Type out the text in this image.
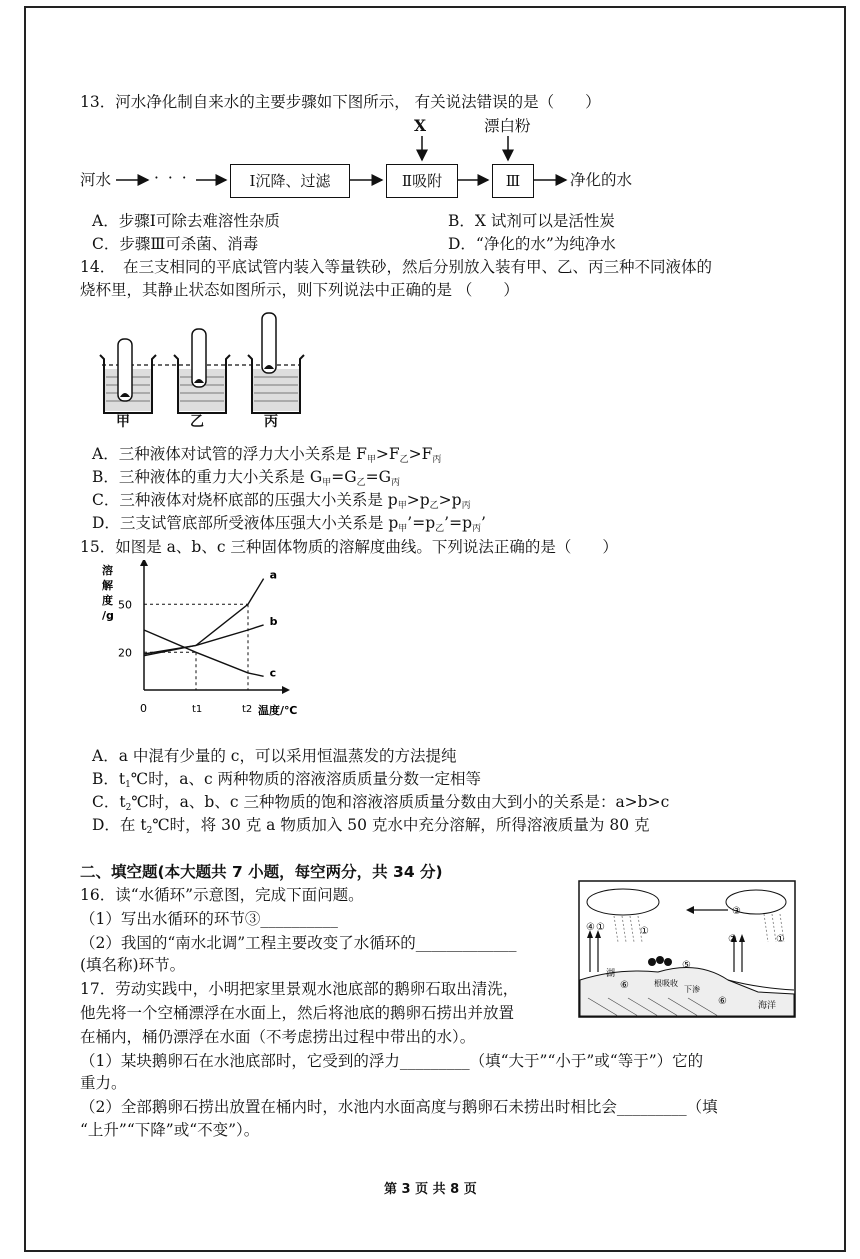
13．河水净化制自来水的主要步骤如下图所示， 有关说法错误的是（　　）
X	漂白粉
河水	· · ·	Ⅰ沉降、过滤	Ⅱ吸附	Ⅲ	净化的水
A．步骤Ⅰ可除去难溶性杂质	B．X 试剂可以是活性炭
C．步骤Ⅲ可杀菌、消毒	D．“净化的水”为纯净水
14．　在三支相同的平底试管内装入等量铁砂，然后分别放入装有甲、乙、丙三种不同液体的
烧杯里，其静止状态如图所示，则下列说法中正确的是 （　　）
甲	乙	丙
A．三种液体对试管的浮力大小关系是 $F_甲>F_乙>F_丙$
B．三种液体的重力大小关系是 $G_甲=G_乙=G_丙$
C．三种液体对烧杯底部的压强大小关系是 $p_甲>p_乙>p_丙$
D．三支试管底部所受液体压强大小关系是 $p_甲’=p_乙’=p_丙$’
15．如图是 a、b、c 三种固体物质的溶解度曲线。下列说法正确的是（　　）
a
b
c
溶
解
度
/g
50
20
0	t1	t2 温度/℃
A．a 中混有少量的 c，可以采用恒温蒸发的方法提纯
B．$t_1℃$时，a、c 两种物质的溶液溶质质量分数一定相等
C．$t_2℃$时，a、b、c 三种物质的饱和溶液溶质质量分数由大到小的关系是：a>b>c
D．在 $t_2℃$时，将 30 克 a 物质加入 50 克水中充分溶解，所得溶液质量为 80 克
二、填空题(本大题共 7 小题，每空两分，共 34 分)
16．读“水循环”示意图，完成下面问题。
（1）写出水循环的环节③__________
（2）我国的“南水北调”工程主要改变了水循环的_____________
(填名称)环节。
④ ①	①
③
②	①
⑤
⑥
⑥
湖
根吸收
下渗
海洋
17．劳动实践中，小明把家里景观水池底部的鹅卵石取出清洗，
他先将一个空桶漂浮在水面上，然后将池底的鹅卵石捞出并放置
在桶内，桶仍漂浮在水面（不考虑捞出过程中带出的水）。
（1）某块鹅卵石在水池底部时，它受到的浮力_________（填“大于”“小于”或“等于”）它的
重力。
（2）全部鹅卵石捞出放置在桶内时，水池内水面高度与鹅卵石未捞出时相比会_________（填
“上升”“下降”或“不变”）。
第 3 页 共 8 页
